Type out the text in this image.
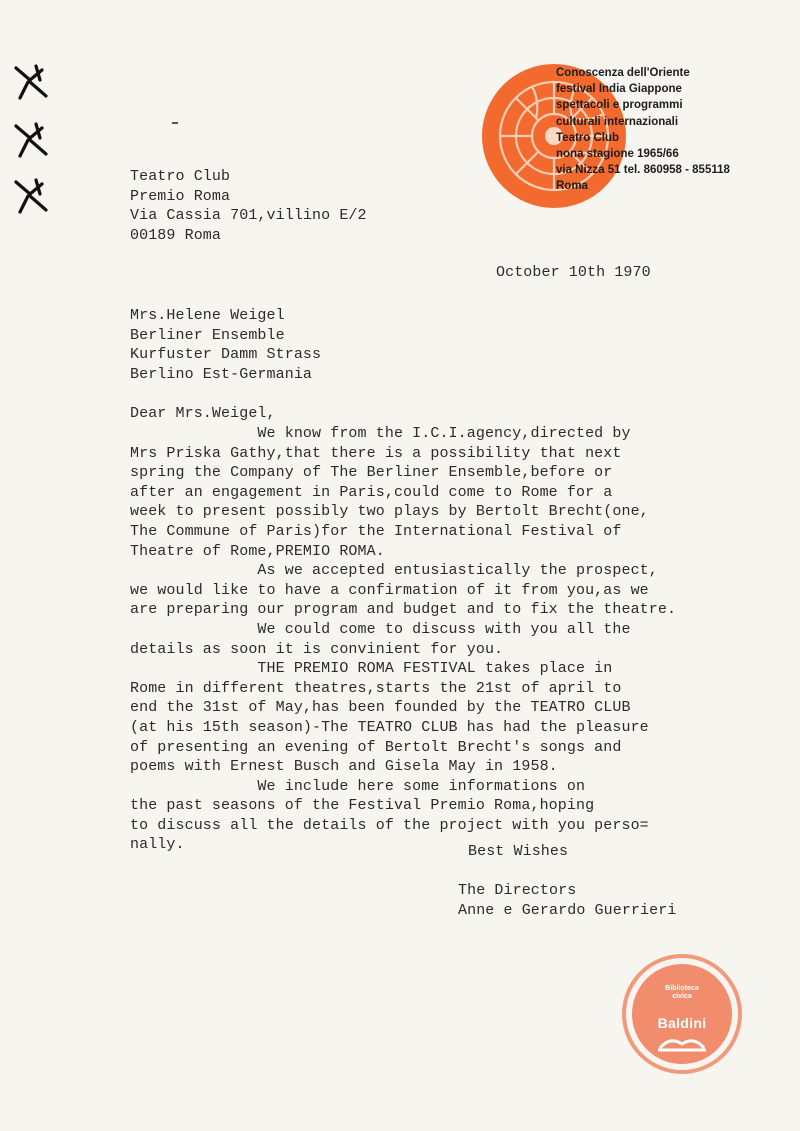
Conoscenza dell'Oriente
festival India Giappone
spettacoli e programmi
culturali internazionali
Teatro Club
nona stagione 1965/66
via Nizza 51 tel. 860958 - 855118
Roma
Teatro Club
Premio Roma
Via Cassia 701,villino E/2
00189 Roma
October 10th 1970
Mrs.Helene Weigel
Berliner Ensemble
Kurfuster Damm Strass
Berlino Est-Germania
Dear Mrs.Weigel,
We know from the I.C.I.agency,directed by
Mrs Priska Gathy,that there is a possibility that next
spring the Company of The Berliner Ensemble,before or
after an engagement in Paris,could come to Rome for a
week to present possibly two plays by Bertolt Brecht(one,
The Commune of Paris)for the International Festival of
Theatre of Rome,PREMIO ROMA.
As we accepted entusiastically the prospect,
we would like to have a confirmation of it from you,as we
are preparing our program and budget and to fix the theatre.
We could come to discuss with you all the
details as soon it is convinient for you.
THE PREMIO ROMA FESTIVAL takes place in
Rome in different theatres,starts the 21st of april to
end the 31st of May,has been founded by the TEATRO CLUB
(at his 15th season)-The TEATRO CLUB has had the pleasure
of presenting an evening of Bertolt Brecht's songs and
poems with Ernest Busch and Gisela May in 1958.
We include here some informations on
the past seasons of the Festival Premio Roma,hoping
to discuss all the details of the project with you perso=
nally.	Best Wishes
The Directors
Anne e Gerardo Guerrieri
Biblioteca
civica
Baldini
